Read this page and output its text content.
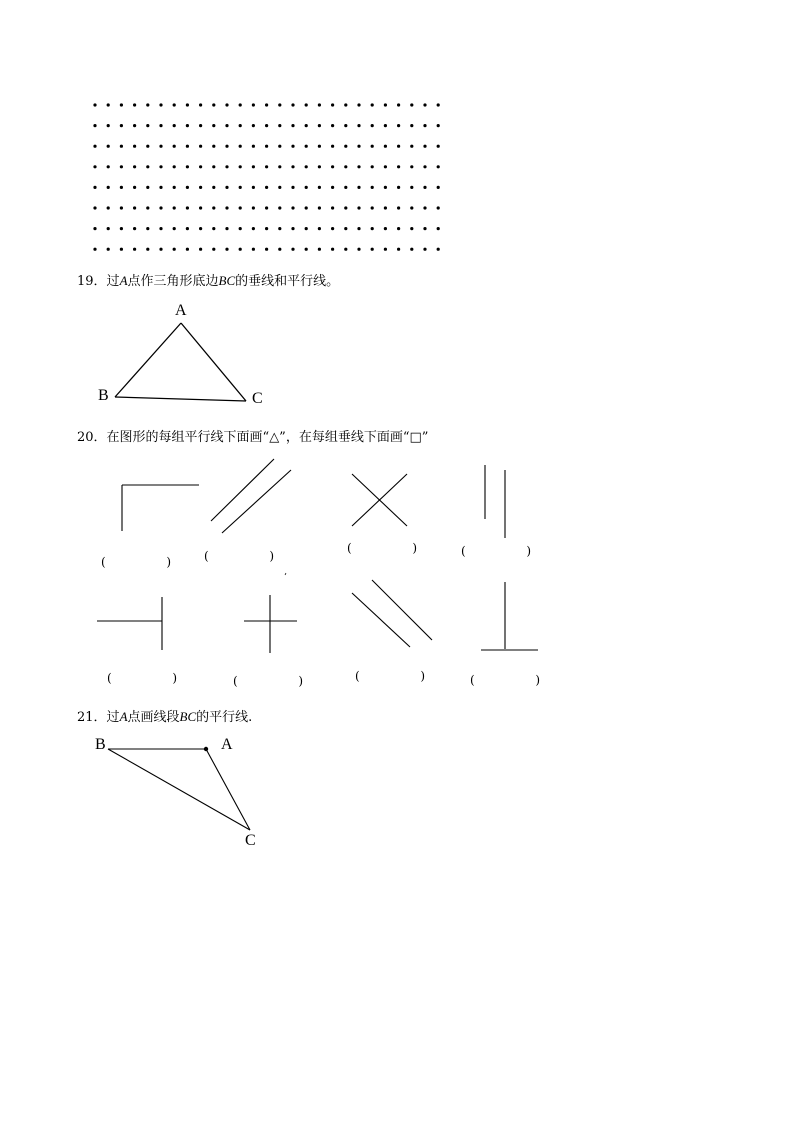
19．过A点作三角形底边BC的垂线和平行线。
A
B	C
20．在图形的每组平行线下面画“△”，在每组垂线下面画“□”
(	)	(	)
(	)	(	)
(	)	(	)	(	)	(	)
21．过A点画线段BC的平行线.
B	A
C
